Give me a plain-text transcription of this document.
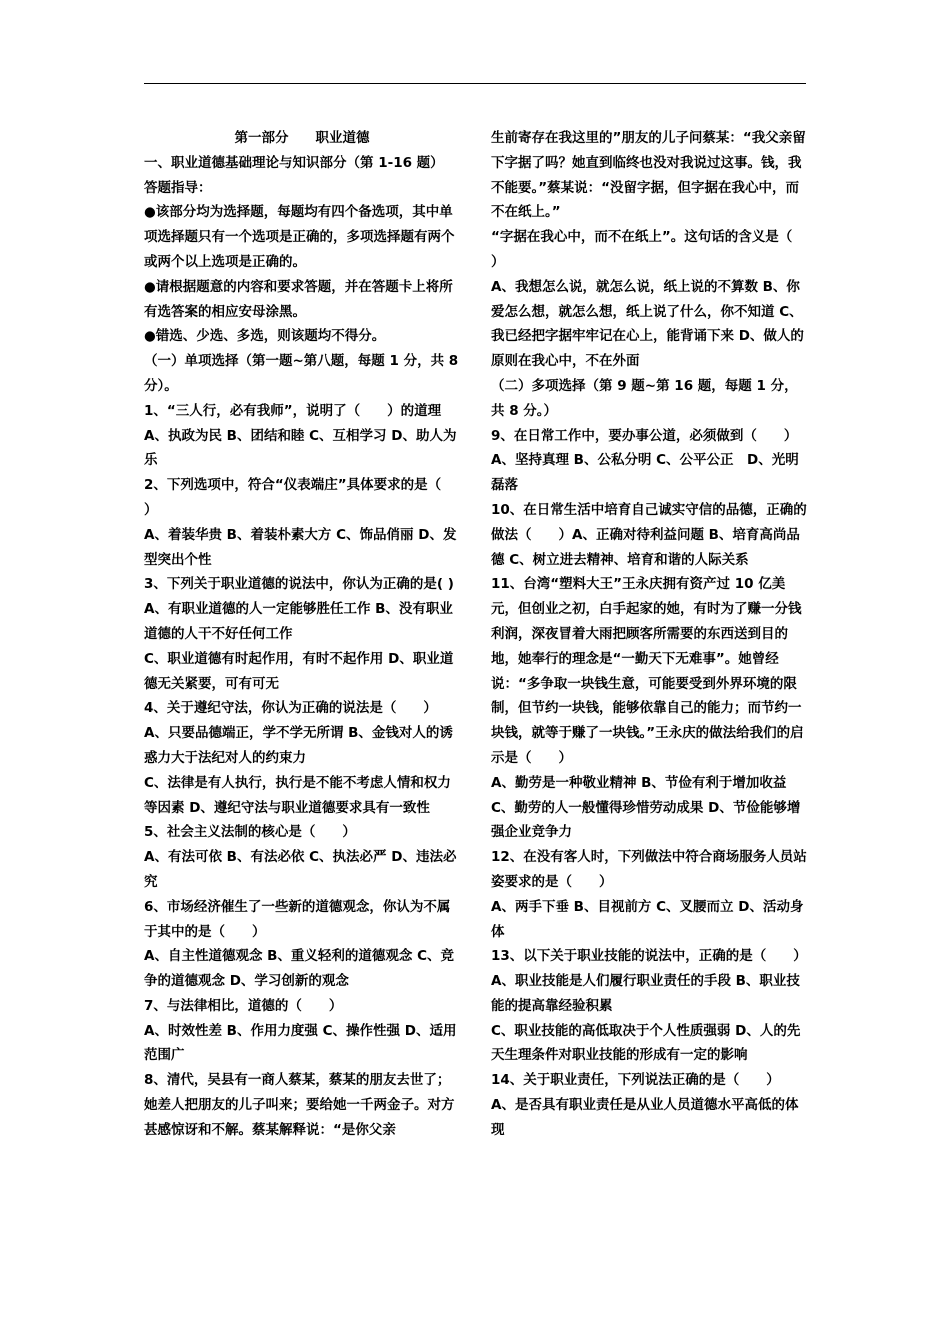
第一部分　　职业道德

一、职业道德基础理论与知识部分（第 1-16 题）

答题指导：

●该部分均为选择题，每题均有四个备选项，其中单项选择题只有一个选项是正确的，多项选择题有两个或两个以上选项是正确的。

●请根据题意的内容和要求答题，并在答题卡上将所有选答案的相应安母涂黑。

●错选、少选、多选，则该题均不得分。

（一）单项选择（第一题~第八题，每题 1 分，共 8 分）。

1、“三人行，必有我师”，说明了（　　）的道理

A、执政为民 B、团结和睦 C、互相学习 D、助人为乐

2、下列选项中，符合“仪表端庄”具体要求的是（　　）

A、着装华贵 B、着装朴素大方 C、饰品俏丽 D、发型突出个性

3、下列关于职业道德的说法中，你认为正确的是( )

A、有职业道德的人一定能够胜任工作 B、没有职业道德的人干不好任何工作

C、职业道德有时起作用，有时不起作用 D、职业道德无关紧要，可有可无

4、关于遵纪守法，你认为正确的说法是（　　）

A、只要品德端正，学不学无所谓 B、金钱对人的诱惑力大于法纪对人的约束力

C、法律是有人执行，执行是不能不考虑人情和权力等因素 D、遵纪守法与职业道德要求具有一致性

5、社会主义法制的核心是（　　）

A、有法可依 B、有法必依 C、执法必严 D、违法必究

6、市场经济催生了一些新的道德观念，你认为不属于其中的是（　　）

A、自主性道德观念 B、重义轻利的道德观念 C、竞争的道德观念 D、学习创新的观念

7、与法律相比，道德的（　　）

A、时效性差 B、作用力度强 C、操作性强 D、适用范围广

8、清代，吴县有一商人蔡某，蔡某的朋友去世了；她差人把朋友的儿子叫来；要给她一千两金子。对方甚感惊讶和不解。蔡某解释说：“是你父亲

生前寄存在我这里的”朋友的儿子问蔡某：“我父亲留下字据了吗？她直到临终也没对我说过这事。钱，我不能要。”蔡某说：“没留字据，但字据在我心中，而不在纸上。”

“字据在我心中，而不在纸上”。这句话的含义是（　　）

A、我想怎么说，就怎么说，纸上说的不算数 B、你爱怎么想，就怎么想，纸上说了什么，你不知道 C、我已经把字据牢牢记在心上，能背诵下来 D、做人的原则在我心中，不在外面

（二）多项选择（第 9 题~第 16 题，每题 1 分，共 8 分。）

9、在日常工作中，要办事公道，必须做到（　　）

A、坚持真理 B、公私分明 C、公平公正　D、光明磊落

10、在日常生活中培育自己诚实守信的品德，正确的做法（　　）A、正确对待利益问题 B、培育高尚品德 C、树立进去精神、培育和谐的人际关系

11、台湾“塑料大王”王永庆拥有资产过 10 亿美元，但创业之初，白手起家的她，有时为了赚一分钱利润，深夜冒着大雨把顾客所需要的东西送到目的地，她奉行的理念是“一勤天下无难事”。她曾经说：“多争取一块钱生意，可能要受到外界环境的限制，但节约一块钱，能够依靠自己的能力；而节约一块钱，就等于赚了一块钱。”王永庆的做法给我们的启示是（　　）

A、勤劳是一种敬业精神 B、节俭有利于增加收益 C、勤劳的人一般懂得珍惜劳动成果 D、节俭能够增强企业竞争力

12、在没有客人时，下列做法中符合商场服务人员站姿要求的是（　　）

A、两手下垂 B、目视前方 C、叉腰而立 D、活动身体

13、以下关于职业技能的说法中，正确的是（　　）A、职业技能是人们履行职业责任的手段 B、职业技能的提高靠经验积累

C、职业技能的高低取决于个人性质强弱 D、人的先天生理条件对职业技能的形成有一定的影响

14、关于职业责任，下列说法正确的是（　　）

A、是否具有职业责任是从业人员道德水平高低的体现
